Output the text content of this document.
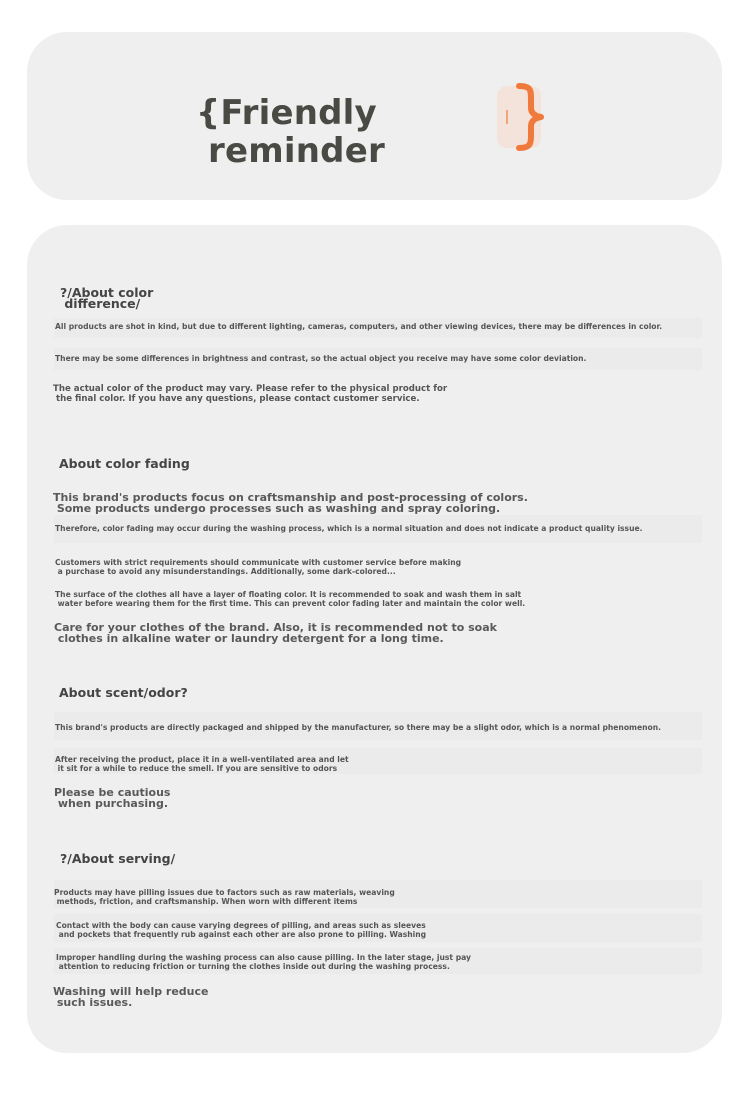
{Friendly
reminder
?/About color
difference/

All products are shot in kind, but due to different lighting, cameras, computers, and other viewing devices, there may be differences in color.

There may be some differences in brightness and contrast, so the actual object you receive may have some color deviation.

The actual color of the product may vary. Please refer to the physical product for
the final color. If you have any questions, please contact customer service.

About color fading

This brand's products focus on craftsmanship and post-processing of colors.
Some products undergo processes such as washing and spray coloring.

Therefore, color fading may occur during the washing process, which is a normal situation and does not indicate a product quality issue.

Customers with strict requirements should communicate with customer service before making
a purchase to avoid any misunderstandings. Additionally, some dark-colored...

The surface of the clothes all have a layer of floating color. It is recommended to soak and wash them in salt
water before wearing them for the first time. This can prevent color fading later and maintain the color well.

Care for your clothes of the brand. Also, it is recommended not to soak
clothes in alkaline water or laundry detergent for a long time.

About scent/odor?

This brand's products are directly packaged and shipped by the manufacturer, so there may be a slight odor, which is a normal phenomenon.

After receiving the product, place it in a well-ventilated area and let
it sit for a while to reduce the smell. If you are sensitive to odors

Please be cautious
when purchasing.

?/About serving/

Products may have pilling issues due to factors such as raw materials, weaving
methods, friction, and craftsmanship. When worn with different items

Contact with the body can cause varying degrees of pilling, and areas such as sleeves
and pockets that frequently rub against each other are also prone to pilling. Washing

Improper handling during the washing process can also cause pilling. In the later stage, just pay
attention to reducing friction or turning the clothes inside out during the washing process.

Washing will help reduce
such issues.
